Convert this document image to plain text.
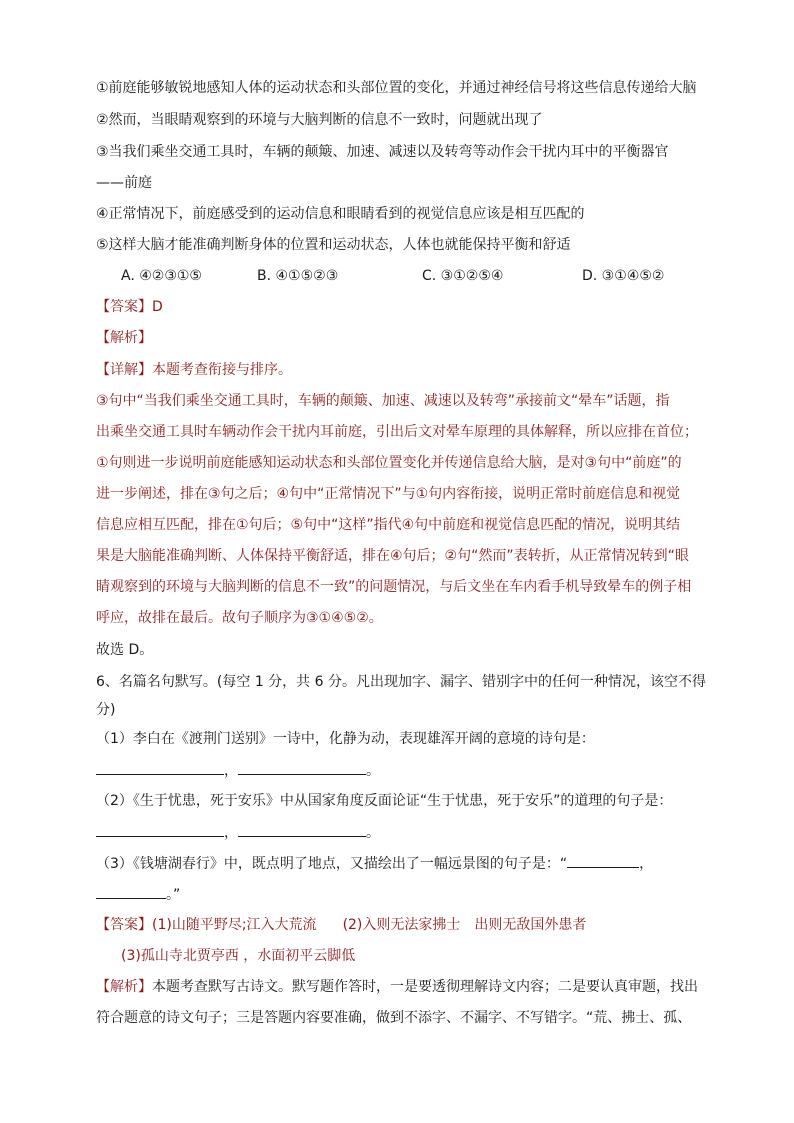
①前庭能够敏锐地感知人体的运动状态和头部位置的变化，并通过神经信号将这些信息传递给大脑
②然而，当眼睛观察到的环境与大脑判断的信息不一致时，问题就出现了
③当我们乘坐交通工具时，车辆的颠簸、加速、减速以及转弯等动作会干扰内耳中的平衡器官
——前庭
④正常情况下，前庭感受到的运动信息和眼睛看到的视觉信息应该是相互匹配的
⑤这样大脑才能准确判断身体的位置和运动状态，人体也就能保持平衡和舒适
A. ④②③①⑤	B. ④①⑤②③	C. ③①②⑤④	D. ③①④⑤②
【答案】D
【解析】
【详解】本题考查衔接与排序。
③句中“当我们乘坐交通工具时，车辆的颠簸、加速、减速以及转弯”承接前文“晕车”话题，指
出乘坐交通工具时车辆动作会干扰内耳前庭，引出后文对晕车原理的具体解释，所以应排在首位；
①句则进一步说明前庭能感知运动状态和头部位置变化并传递信息给大脑，是对③句中“前庭”的
进一步阐述，排在③句之后；④句中“正常情况下”与①句内容衔接，说明正常时前庭信息和视觉
信息应相互匹配，排在①句后；⑤句中“这样”指代④句中前庭和视觉信息匹配的情况，说明其结
果是大脑能准确判断、人体保持平衡舒适，排在④句后；②句“然而”表转折，从正常情况转到“眼
睛观察到的环境与大脑判断的信息不一致”的问题情况，与后文坐在车内看手机导致晕车的例子相
呼应，故排在最后。故句子顺序为③①④⑤②。
故选 D。
6、名篇名句默写。(每空 1 分，共 6 分。凡出现加字、漏字、错别字中的任何一种情况，该空不得
分)
（1）李白在《渡荆门送别》一诗中，化静为动，表现雄浑开阔的意境的诗句是：
，	。
（2）《生于忧患，死于安乐》中从国家角度反面论证“生于忧患，死于安乐”的道理的句子是：
，	。
（3）《钱塘湖春行》中，既点明了地点，又描绘出了一幅远景图的句子是：“	，
。”
【答案】(1)山随平野尽;江入大荒流 (2)入则无法家拂士　出则无敌国外患者
(3)孤山寺北贾亭西 ，水面初平云脚低
【解析】本题考查默写古诗文。默写题作答时，一是要透彻理解诗文内容；二是要认真审题，找出
符合题意的诗文句子；三是答题内容要准确，做到不添字、不漏字、不写错字。“荒、拂士、孤、
